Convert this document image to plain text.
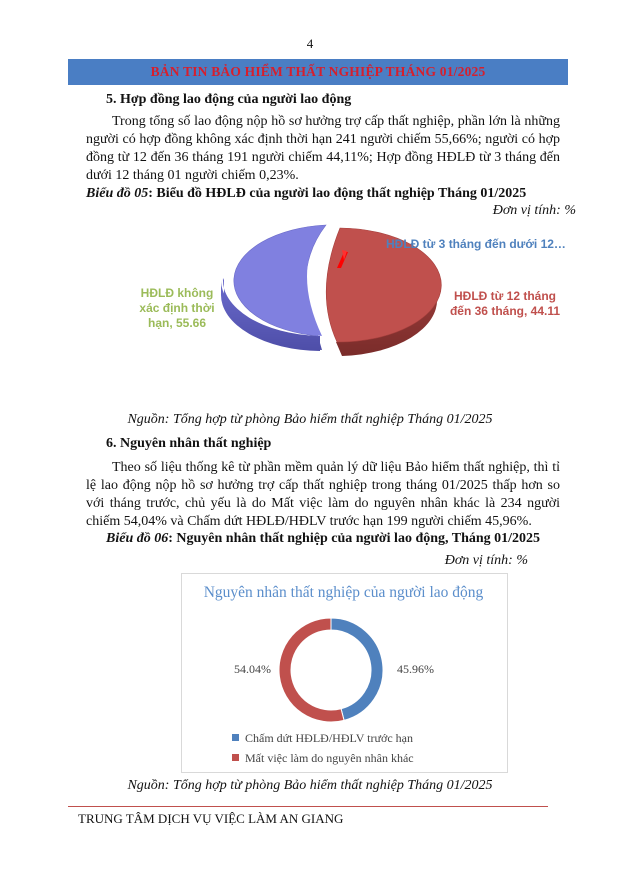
4
BẢN TIN BẢO HIỂM THẤT NGHIỆP THÁNG 01/2025
5. Hợp đồng lao động của người lao động
Trong tổng số lao động nộp hồ sơ hưởng trợ cấp thất nghiệp, phần lớn là những người có hợp đồng không xác định thời hạn 241 người chiếm 55,66%; người có hợp đồng từ 12 đến 36 tháng 191 người chiếm 44,11%; Hợp đồng HĐLĐ từ 3 tháng đến dưới 12 tháng 01 người chiếm 0,23%.
Biểu đồ 05: Biểu đồ HĐLĐ của người lao động thất nghiệp Tháng 01/2025
Đơn vị tính: %
HĐLĐ không
xác định thời
hạn, 55.66
HĐLĐ từ 12 tháng
đến 36 tháng, 44.11
HĐLĐ từ 3 tháng đến dưới 12…
Nguồn: Tổng hợp từ phòng Bảo hiểm thất nghiệp Tháng 01/2025
6. Nguyên nhân thất nghiệp
Theo số liệu thống kê từ phần mềm quản lý dữ liệu Bảo hiểm thất nghiệp, thì tỉ lệ lao động nộp hồ sơ hưởng trợ cấp thất nghiệp trong tháng 01/2025 thấp hơn so với tháng trước, chủ yếu là do Mất việc làm do nguyên nhân khác là 234 người chiếm 54,04% và Chấm dứt HĐLĐ/HĐLV trước hạn 199 người chiếm 45,96%.
Biểu đồ 06: Nguyên nhân thất nghiệp của người lao động, Tháng 01/2025
Đơn vị tính: %
Nguyên nhân thất nghiệp của người lao động
54.04%	45.96%
Chấm dứt HĐLĐ/HĐLV trước hạn
Mất việc làm do nguyên nhân khác
Nguồn: Tổng hợp từ phòng Bảo hiểm thất nghiệp Tháng 01/2025
TRUNG TÂM DỊCH VỤ VIỆC LÀM AN GIANG
